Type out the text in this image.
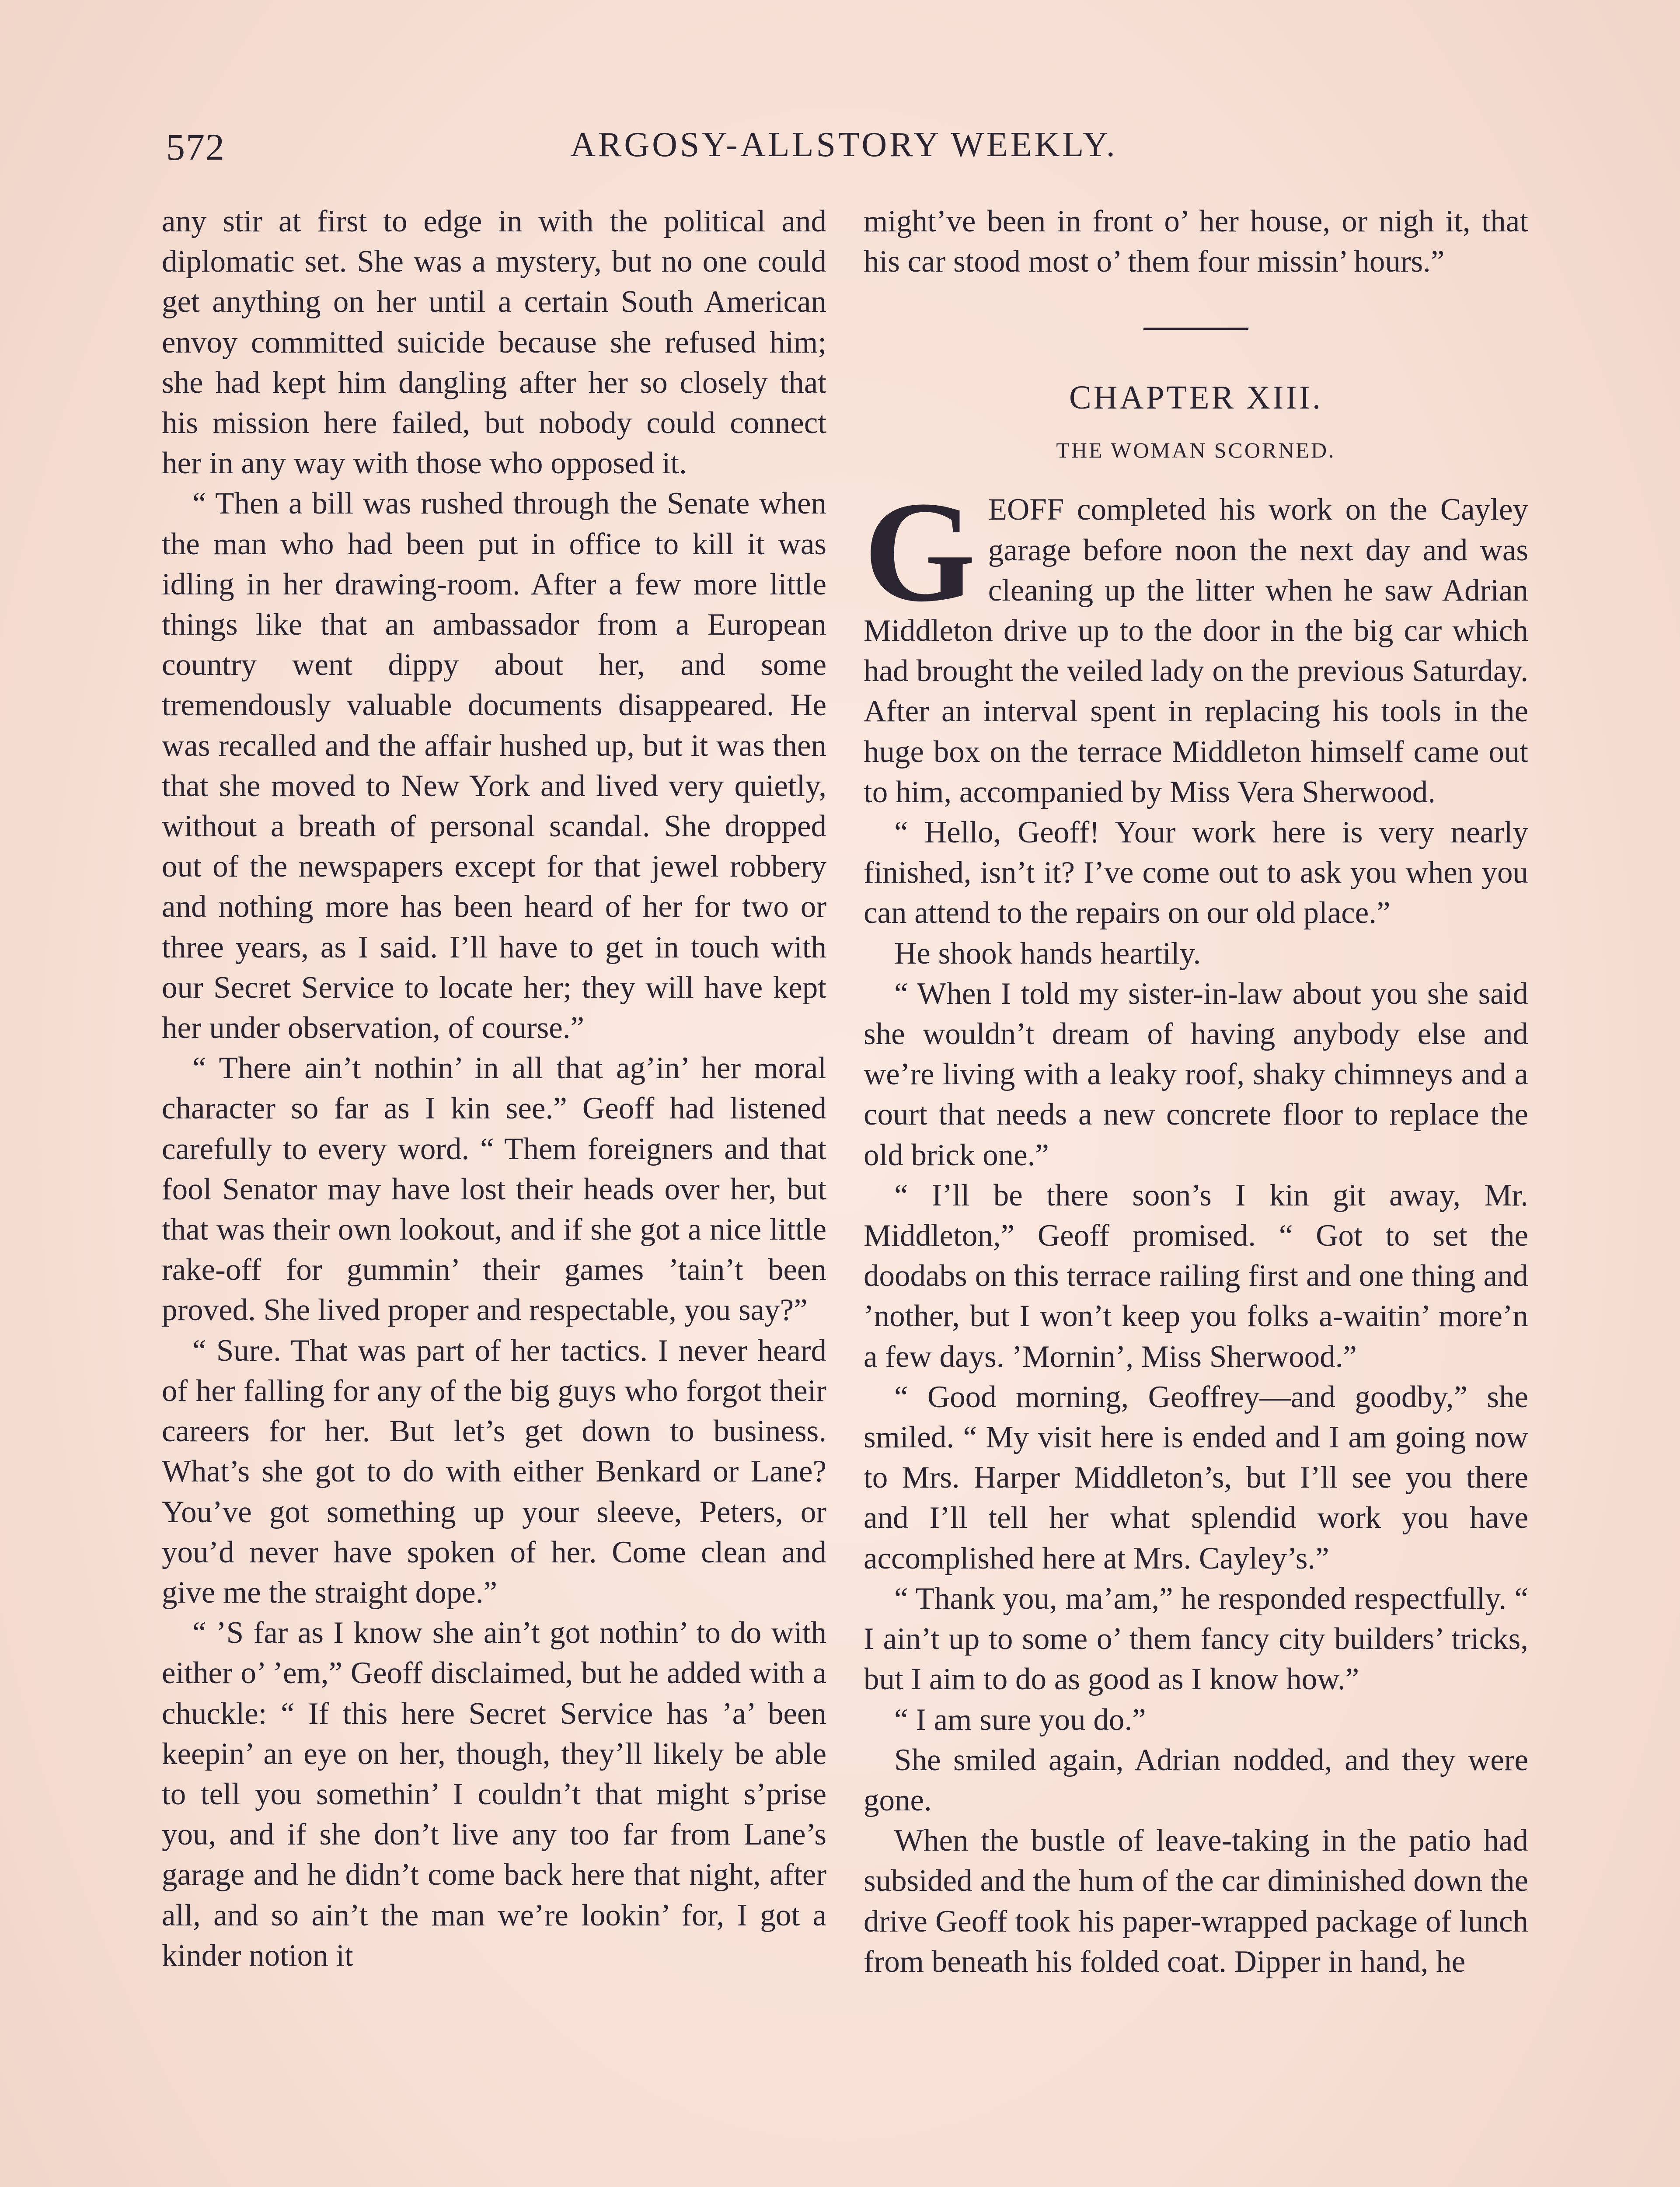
572	ARGOSY-ALLSTORY WEEKLY.

any stir at first to edge in with the political and diplomatic set. She was a mystery, but no one could get anything on her until a certain South American envoy committed suicide because she refused him; she had kept him dangling after her so closely that his mission here failed, but nobody could connect her in any way with those who opposed it.

“ Then a bill was rushed through the Senate when the man who had been put in office to kill it was idling in her drawing-room. After a few more little things like that an ambassador from a European country went dippy about her, and some tremendously valuable documents disappeared. He was recalled and the affair hushed up, but it was then that she moved to New York and lived very quietly, without a breath of personal scandal. She dropped out of the newspapers except for that jewel robbery and nothing more has been heard of her for two or three years, as I said. I’ll have to get in touch with our Secret Service to locate her; they will have kept her under observation, of course.”

“ There ain’t nothin’ in all that ag’in’ her moral character so far as I kin see.” Geoff had listened carefully to every word. “ Them foreigners and that fool Senator may have lost their heads over her, but that was their own lookout, and if she got a nice little rake-off for gummin’ their games ’tain’t been proved. She lived proper and respectable, you say?”

“ Sure. That was part of her tactics. I never heard of her falling for any of the big guys who forgot their careers for her. But let’s get down to business. What’s she got to do with either Benkard or Lane? You’ve got something up your sleeve, Peters, or you’d never have spoken of her. Come clean and give me the straight dope.”

“ ’S far as I know she ain’t got nothin’ to do with either o’ ’em,” Geoff disclaimed, but he added with a chuckle: “ If this here Secret Service has ’a’ been keepin’ an eye on her, though, they’ll likely be able to tell you somethin’ I couldn’t that might s’prise you, and if she don’t live any too far from Lane’s garage and he didn’t come back here that night, after all, and so ain’t the man we’re lookin’ for, I got a kinder notion it

might’ve been in front o’ her house, or nigh it, that his car stood most o’ them four missin’ hours.”

CHAPTER XIII.
THE WOMAN SCORNED.

GEOFF completed his work on the Cayley garage before noon the next day and was cleaning up the litter when he saw Adrian Middleton drive up to the door in the big car which had brought the veiled lady on the previous Saturday. After an interval spent in replacing his tools in the huge box on the terrace Middleton himself came out to him, accompanied by Miss Vera Sherwood.

“ Hello, Geoff! Your work here is very nearly finished, isn’t it? I’ve come out to ask you when you can attend to the repairs on our old place.”

He shook hands heartily.

“ When I told my sister-in-law about you she said she wouldn’t dream of having anybody else and we’re living with a leaky roof, shaky chimneys and a court that needs a new concrete floor to replace the old brick one.”

“ I’ll be there soon’s I kin git away, Mr. Middleton,” Geoff promised. “ Got to set the doodabs on this terrace railing first and one thing and ’nother, but I won’t keep you folks a-waitin’ more’n a few days. ’Mornin’, Miss Sherwood.”

“ Good morning, Geoffrey—and goodby,” she smiled. “ My visit here is ended and I am going now to Mrs. Harper Middleton’s, but I’ll see you there and I’ll tell her what splendid work you have accomplished here at Mrs. Cayley’s.”

“ Thank you, ma’am,” he responded respectfully. “ I ain’t up to some o’ them fancy city builders’ tricks, but I aim to do as good as I know how.”

“ I am sure you do.”

She smiled again, Adrian nodded, and they were gone.

When the bustle of leave-taking in the patio had subsided and the hum of the car diminished down the drive Geoff took his paper-wrapped package of lunch from beneath his folded coat. Dipper in hand, he
